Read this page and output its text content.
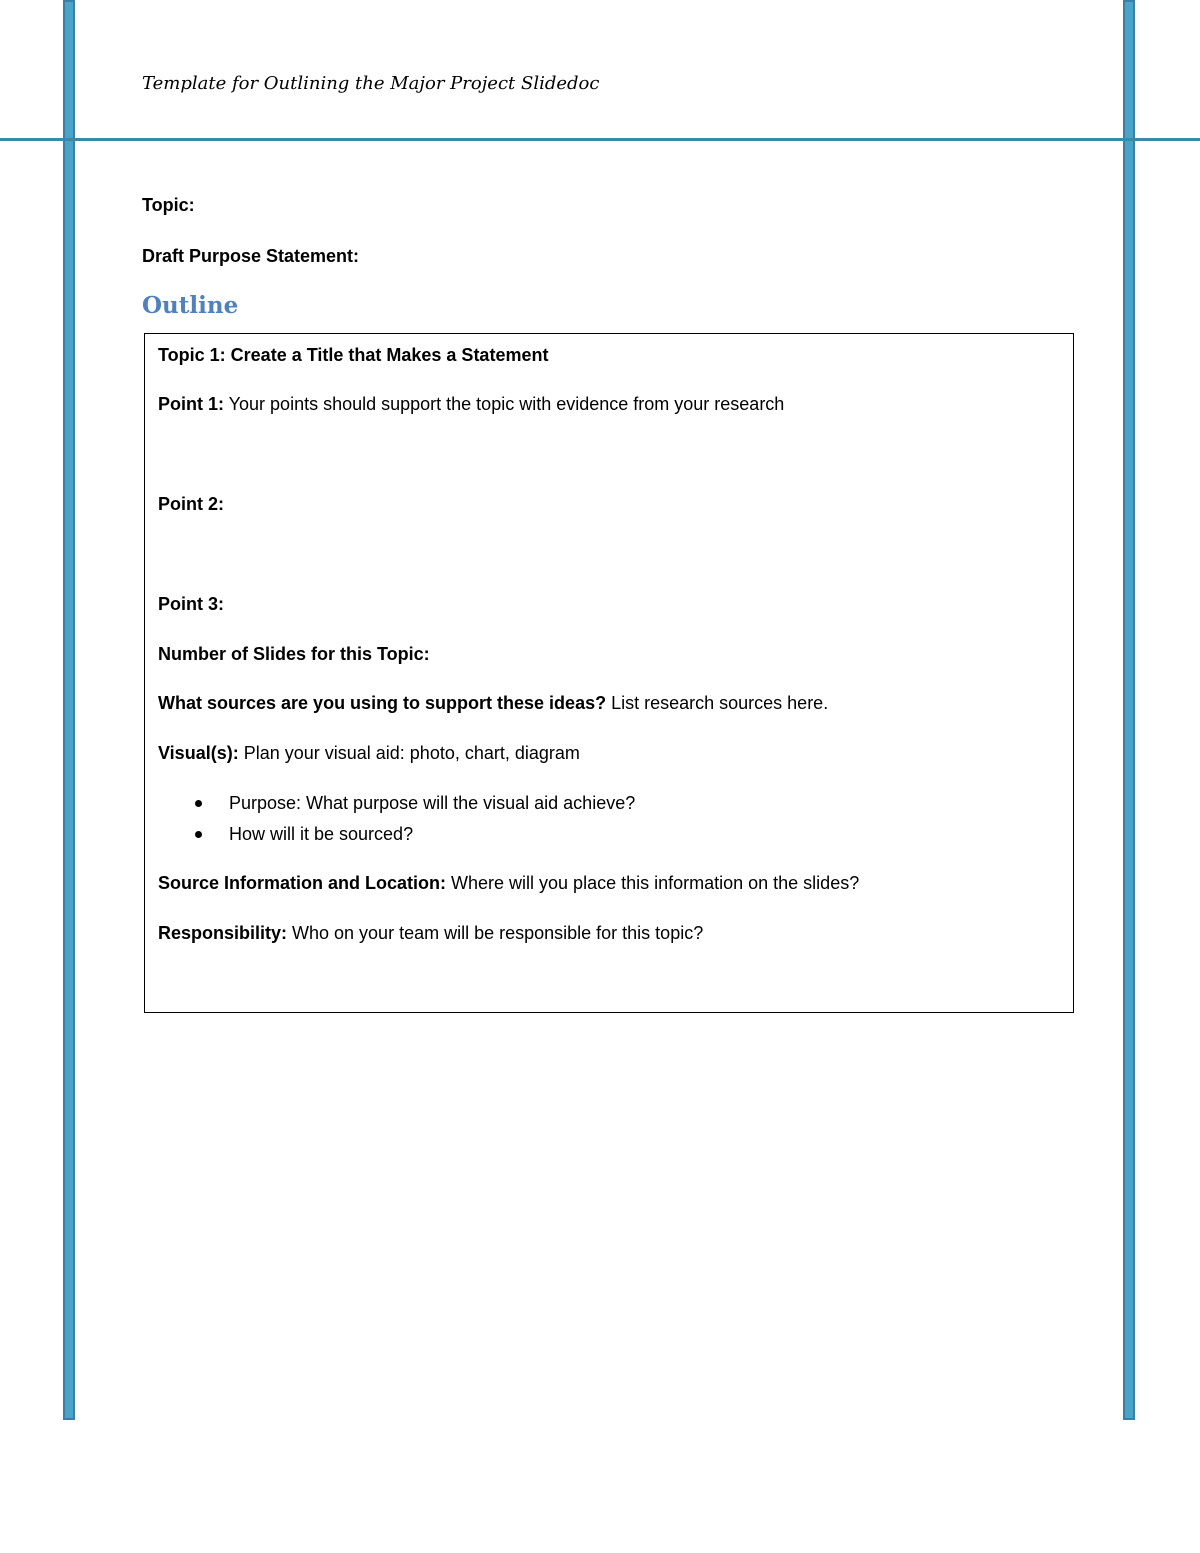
Template for Outlining the Major Project Slidedoc
Topic:
Draft Purpose Statement:
Outline
Topic 1: Create a Title that Makes a Statement
Point 1: Your points should support the topic with evidence from your research
Point 2:
Point 3:
Number of Slides for this Topic:
What sources are you using to support these ideas? List research sources here.
Visual(s): Plan your visual aid: photo, chart, diagram
Purpose: What purpose will the visual aid achieve?
How will it be sourced?
Source Information and Location: Where will you place this information on the slides?
Responsibility: Who on your team will be responsible for this topic?
